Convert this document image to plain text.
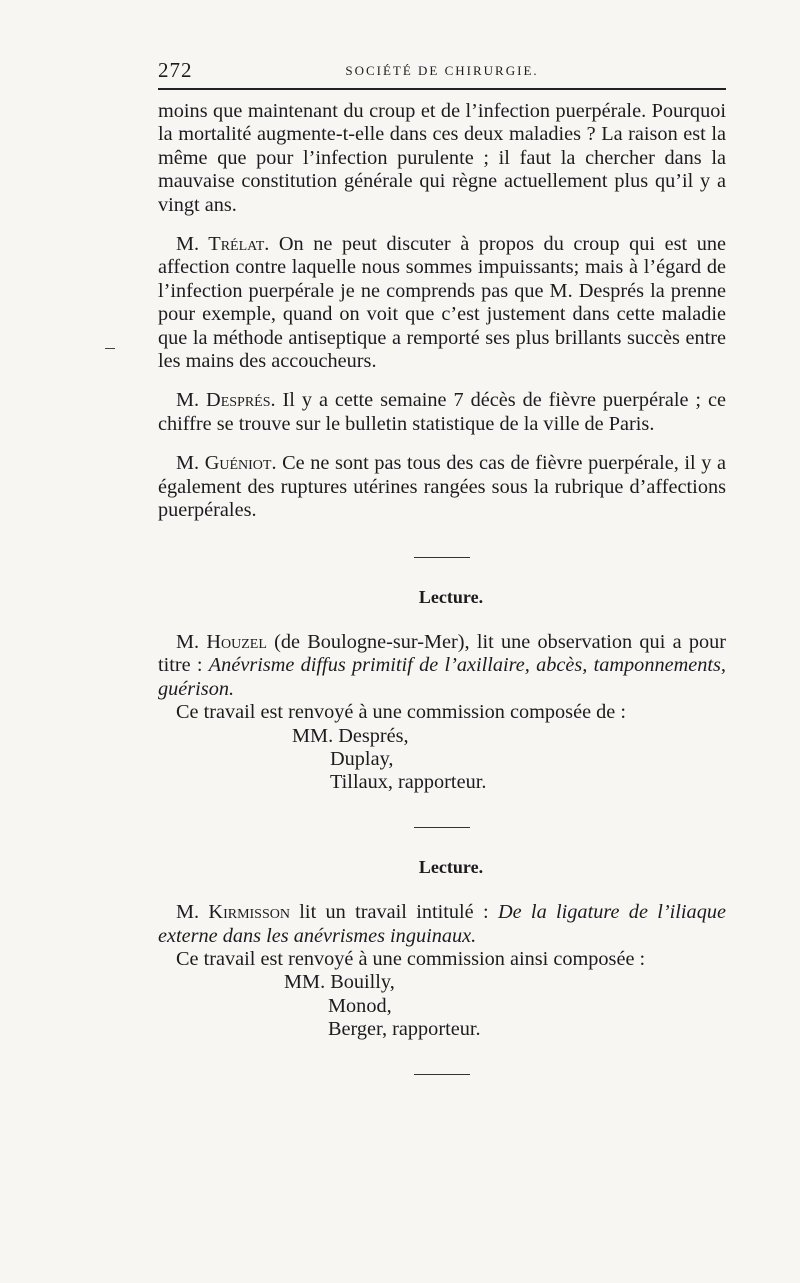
272	SOCIÉTÉ DE CHIRURGIE.

moins que maintenant du croup et de l’infection puerpérale. Pourquoi la mortalité augmente-t-elle dans ces deux maladies ? La raison est la même que pour l’infection purulente ; il faut la chercher dans la mauvaise constitution générale qui règne actuellement plus qu’il y a vingt ans.

M. Trélat. On ne peut discuter à propos du croup qui est une affection contre laquelle nous sommes impuissants; mais à l’égard de l’infection puerpérale je ne comprends pas que M. Després la prenne pour exemple, quand on voit que c’est justement dans cette maladie que la méthode antiseptique a remporté ses plus brillants succès entre les mains des accoucheurs.

M. Després. Il y a cette semaine 7 décès de fièvre puerpérale ; ce chiffre se trouve sur le bulletin statistique de la ville de Paris.

M. Guéniot. Ce ne sont pas tous des cas de fièvre puerpérale, il y a également des ruptures utérines rangées sous la rubrique d’affections puerpérales.

Lecture.

M. Houzel (de Boulogne-sur-Mer), lit une observation qui a pour titre : Anévrisme diffus primitif de l’axillaire, abcès, tamponnements, guérison.

Ce travail est renvoyé à une commission composée de :

MM. Després,
Duplay,
Tillaux, rapporteur.

Lecture.

M. Kirmisson lit un travail intitulé : De la ligature de l’iliaque externe dans les anévrismes inguinaux.

Ce travail est renvoyé à une commission ainsi composée :

MM. Bouilly,
Monod,
Berger, rapporteur.
